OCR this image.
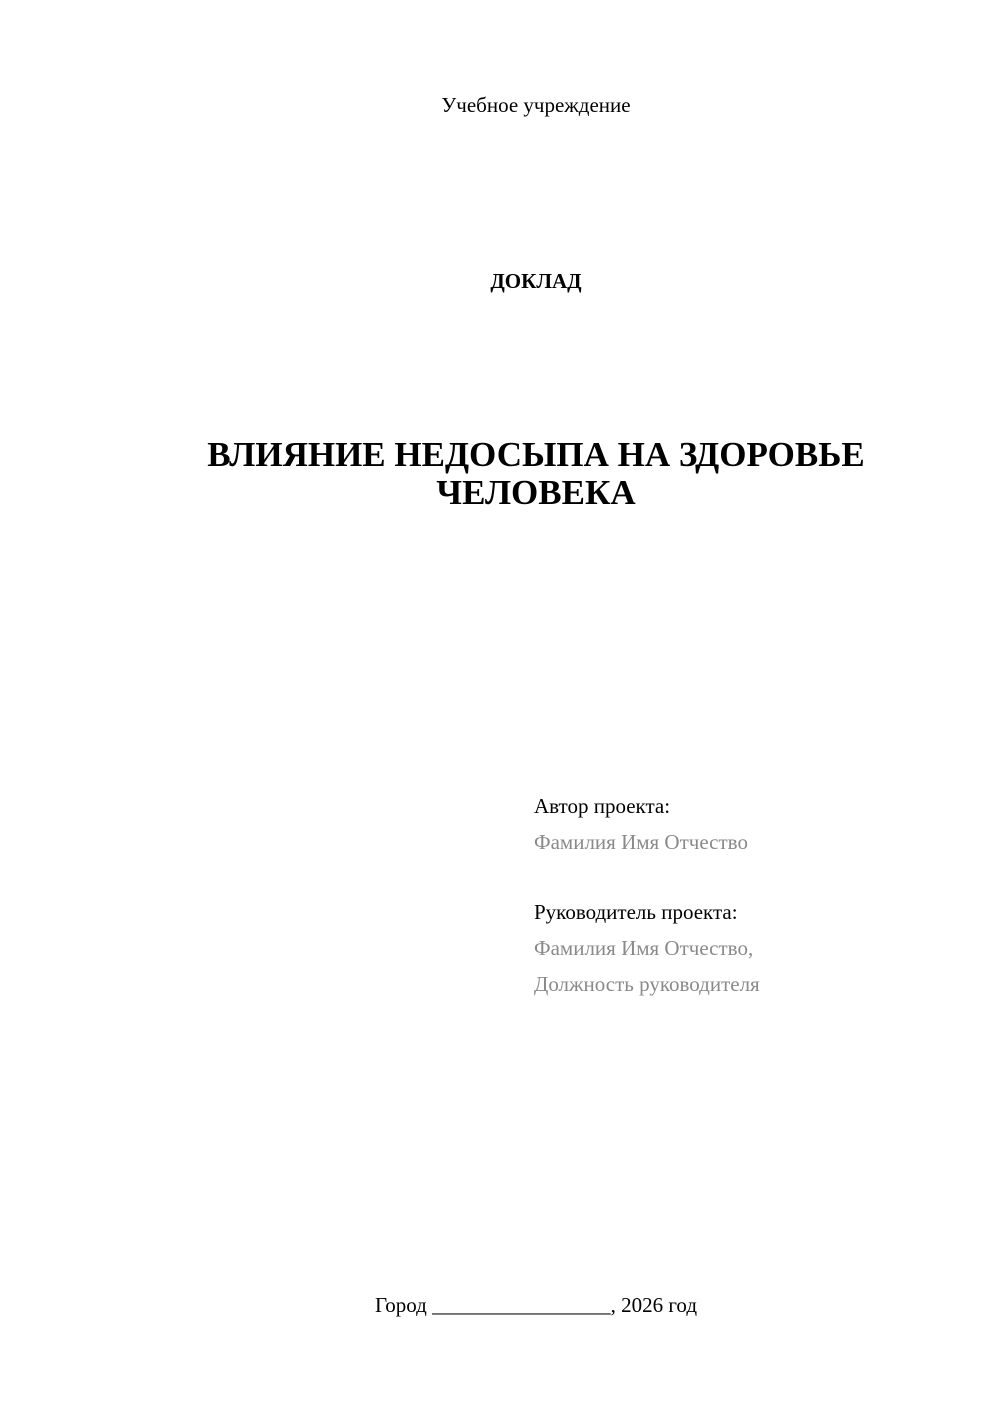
Учебное учреждение
ДОКЛАД
ВЛИЯНИЕ НЕДОСЫПА НА ЗДОРОВЬЕ
ЧЕЛОВЕКА
Автор проекта:
Фамилия Имя Отчество
Руководитель проекта:
Фамилия Имя Отчество,
Должность руководителя
Город _________________, 2026 год
